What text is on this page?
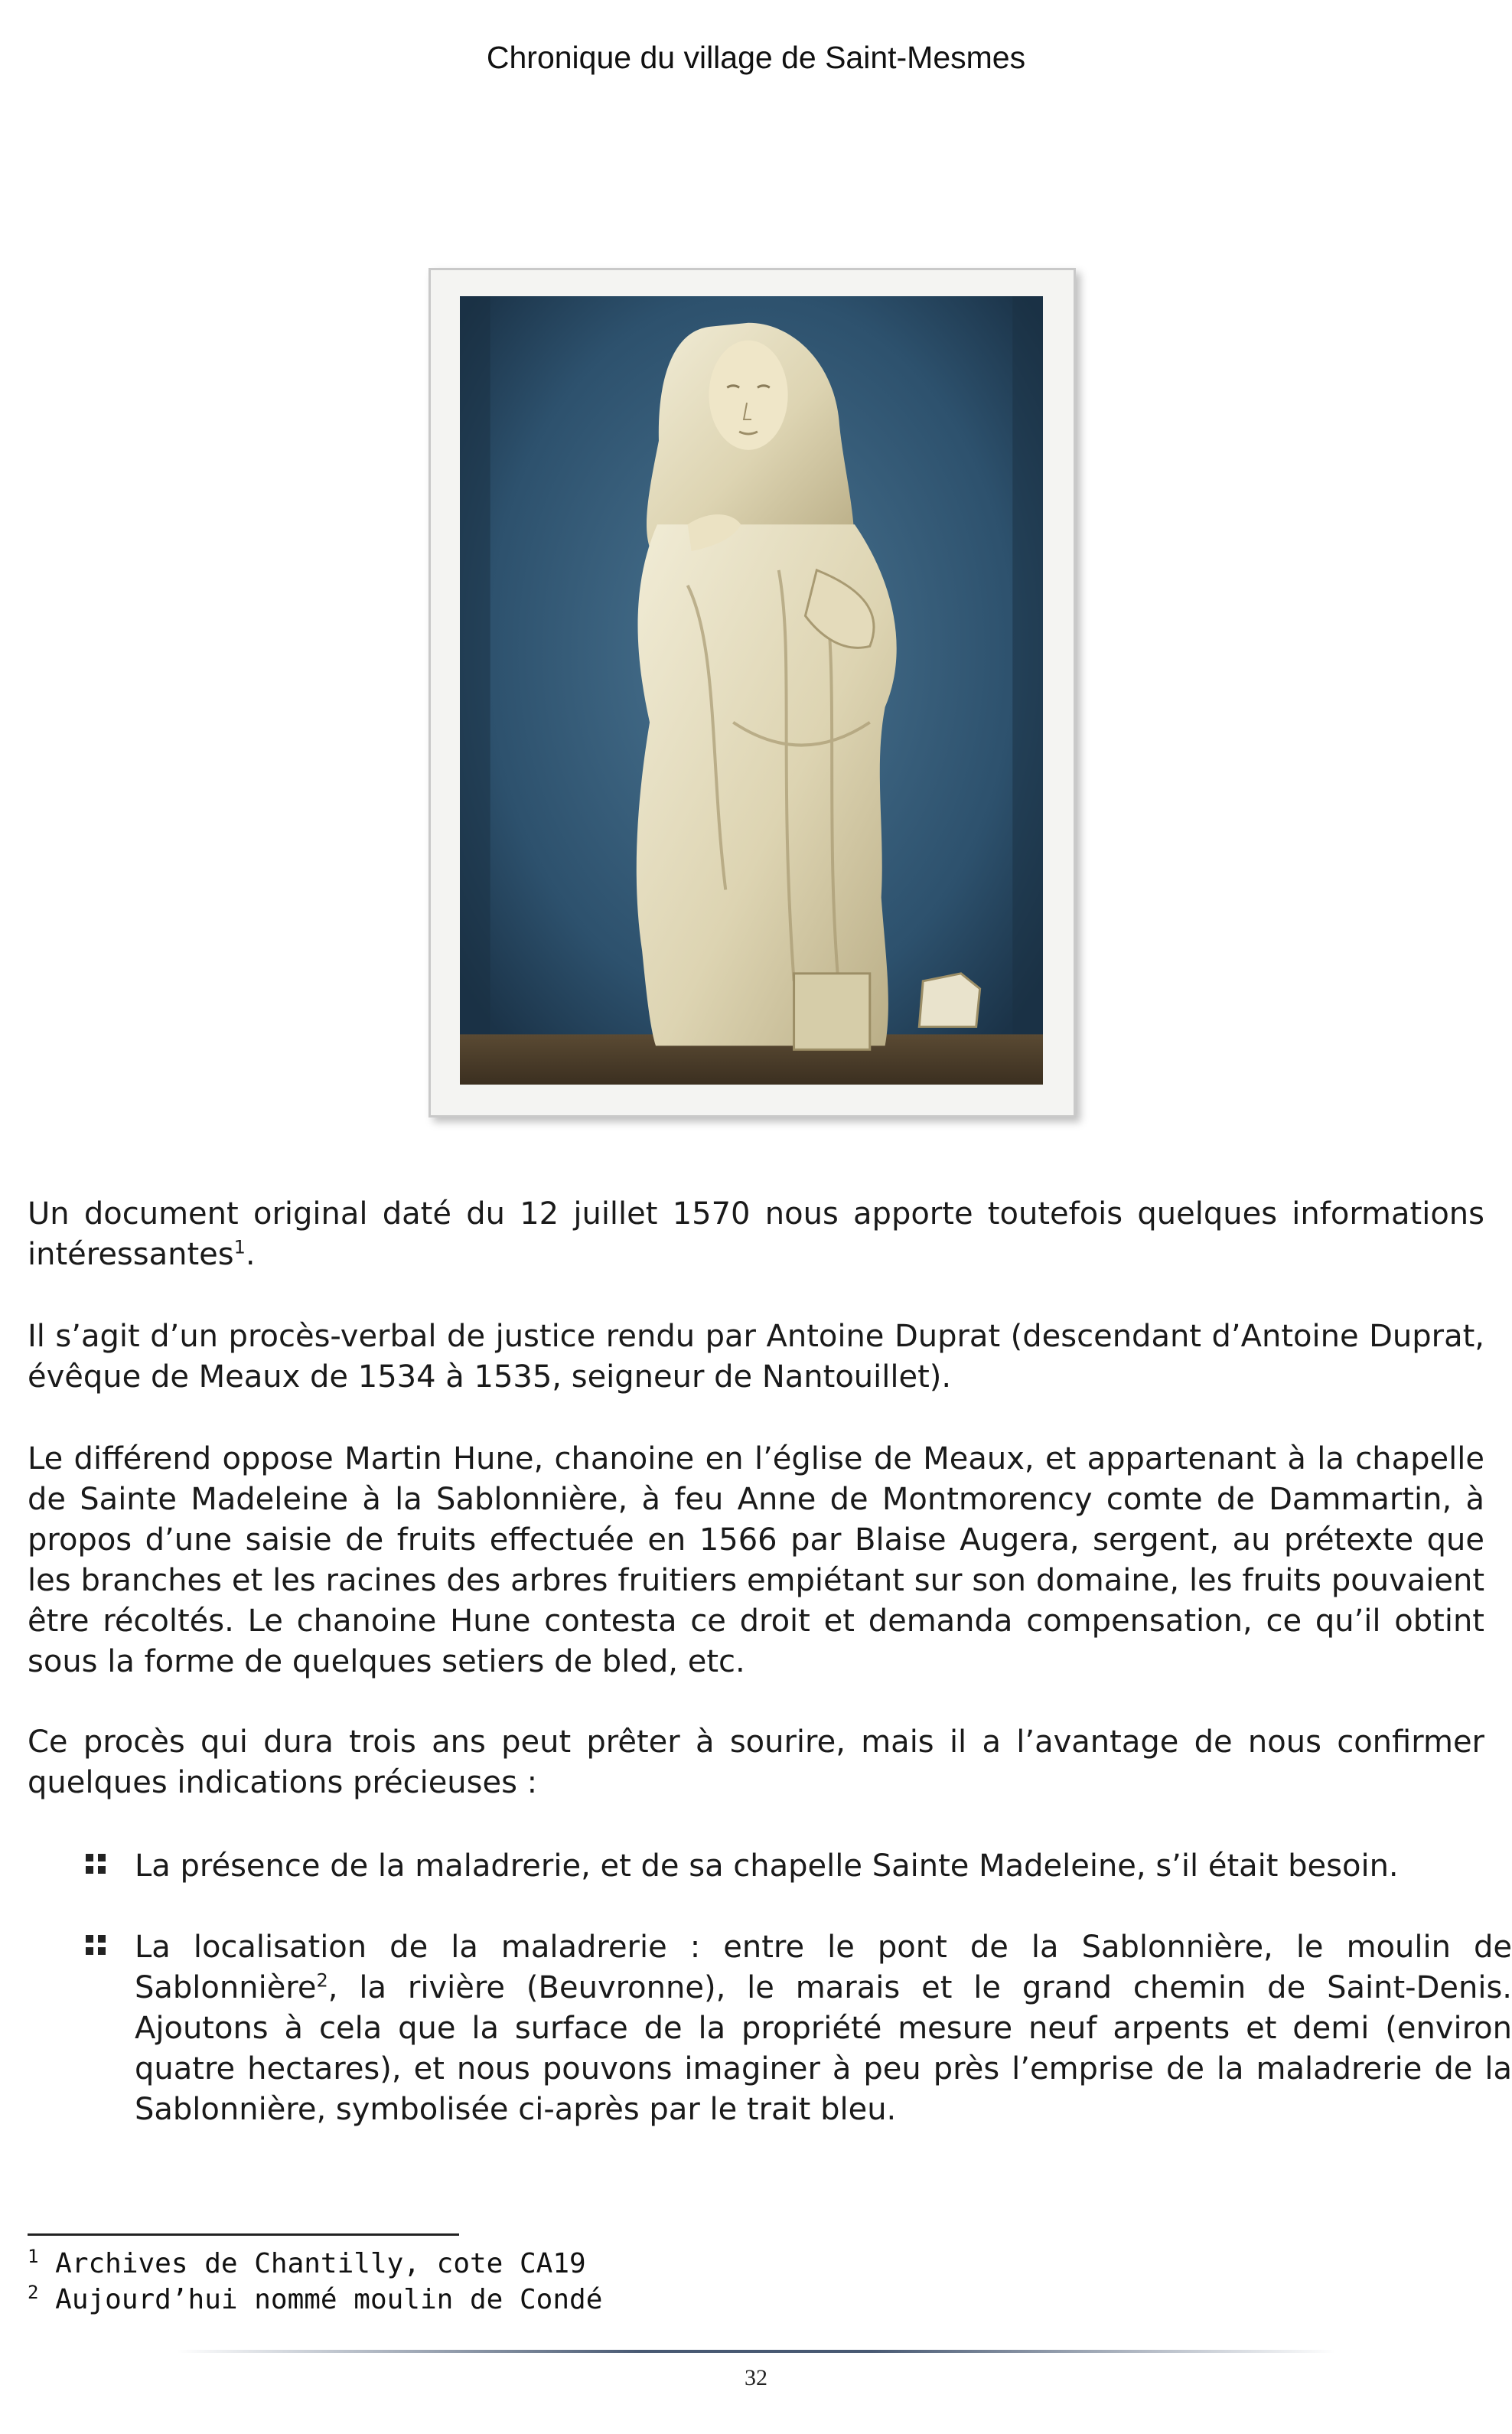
Chronique du village de Saint-Mesmes

Un document original daté du 12 juillet 1570 nous apporte toutefois quelques informations intéressantes$^1$.

Il s’agit d’un procès-verbal de justice rendu par Antoine Duprat (descendant d’Antoine Duprat, évêque de Meaux de 1534 à 1535, seigneur de Nantouillet).

Le différend oppose Martin Hune, chanoine en l’église de Meaux, et appartenant à la chapelle de Sainte Madeleine à la Sablonnière, à feu Anne de Montmorency comte de Dammartin, à propos d’une saisie de fruits effectuée en 1566 par Blaise Augera, sergent, au prétexte que les branches et les racines des arbres fruitiers empiétant sur son domaine, les fruits pouvaient être récoltés. Le chanoine Hune contesta ce droit et demanda compensation, ce qu’il obtint sous la forme de quelques setiers de bled, etc.

Ce procès qui dura trois ans peut prêter à sourire, mais il a l’avantage de nous confirmer quelques indications précieuses :

La présence de la maladrerie, et de sa chapelle Sainte Madeleine, s’il était besoin.

La localisation de la maladrerie : entre le pont de la Sablonnière, le moulin de Sablonnière$^2$, la rivière (Beuvronne), le marais et le grand chemin de Saint-Denis. Ajoutons à cela que la surface de la propriété mesure neuf arpents et demi (environ quatre hectares), et nous pouvons imaginer à peu près l’emprise de la maladrerie de la Sablonnière, symbolisée ci-après par le trait bleu.

$^1$ Archives de Chantilly, cote CA19
$^2$ Aujourd’hui nommé moulin de Condé
32
